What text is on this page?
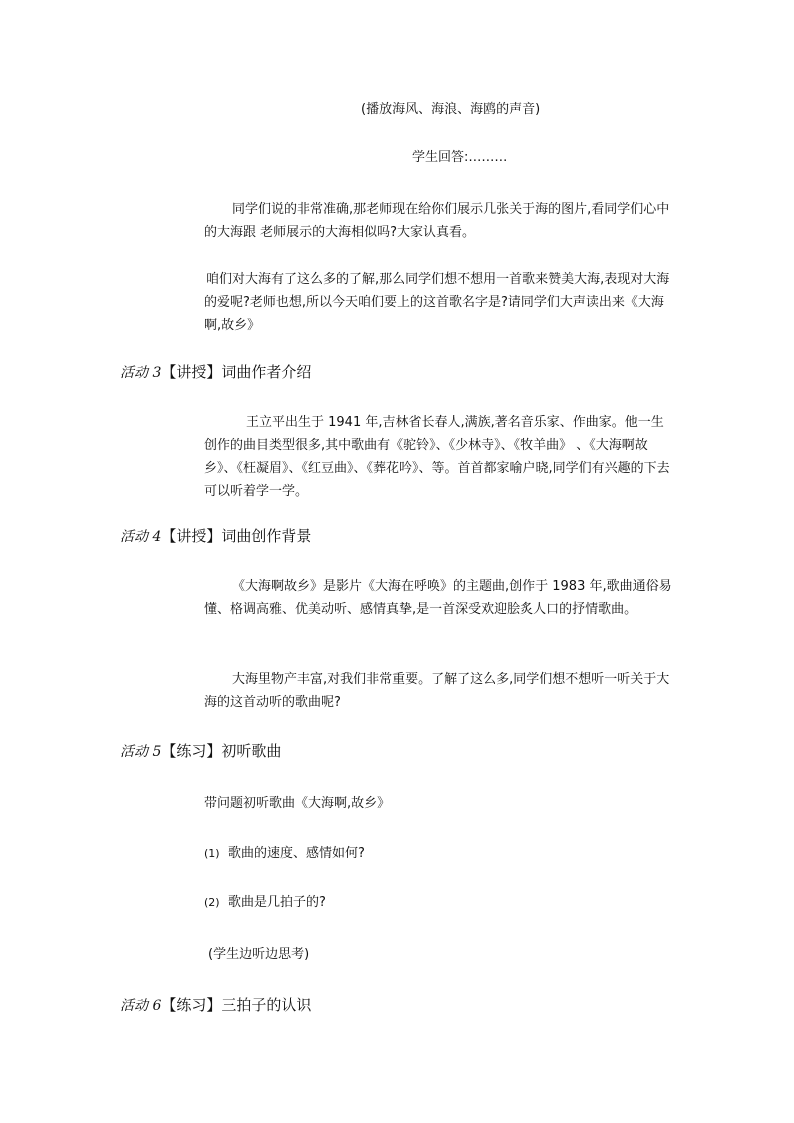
(播放海风、海浪、海鸥的声音)

学生回答:………

同学们说的非常准确,那老师现在给你们展示几张关于海的图片,看同学们心中的大海跟 老师展示的大海相似吗?大家认真看。

咱们对大海有了这么多的了解,那么同学们想不想用一首歌来赞美大海,表现对大海的爱呢?老师也想,所以今天咱们要上的这首歌名字是?请同学们大声读出来《大海啊,故乡》

活动 3【讲授】词曲作者介绍

王立平出生于 1941 年,吉林省长春人,满族,著名音乐家、作曲家。他一生创作的曲目类型很多,其中歌曲有《驼铃》、《少林寺》、《牧羊曲》 、《大海啊故乡》、《枉凝眉》、《红豆曲》、《葬花吟》、等。首首都家喻户晓,同学们有兴趣的下去可以听着学一学。

活动 4【讲授】词曲创作背景

《大海啊故乡》是影片《大海在呼唤》的主题曲,创作于 1983 年,歌曲通俗易懂、格调高雅、优美动听、感情真挚,是一首深受欢迎脍炙人口的抒情歌曲。

大海里物产丰富,对我们非常重要。了解了这么多,同学们想不想听一听关于大海的这首动听的歌曲呢?

活动 5【练习】初听歌曲

带问题初听歌曲《大海啊,故乡》

(1) 歌曲的速度、感情如何?
(2) 歌曲是几拍子的?

(学生边听边思考)

活动 6【练习】三拍子的认识
